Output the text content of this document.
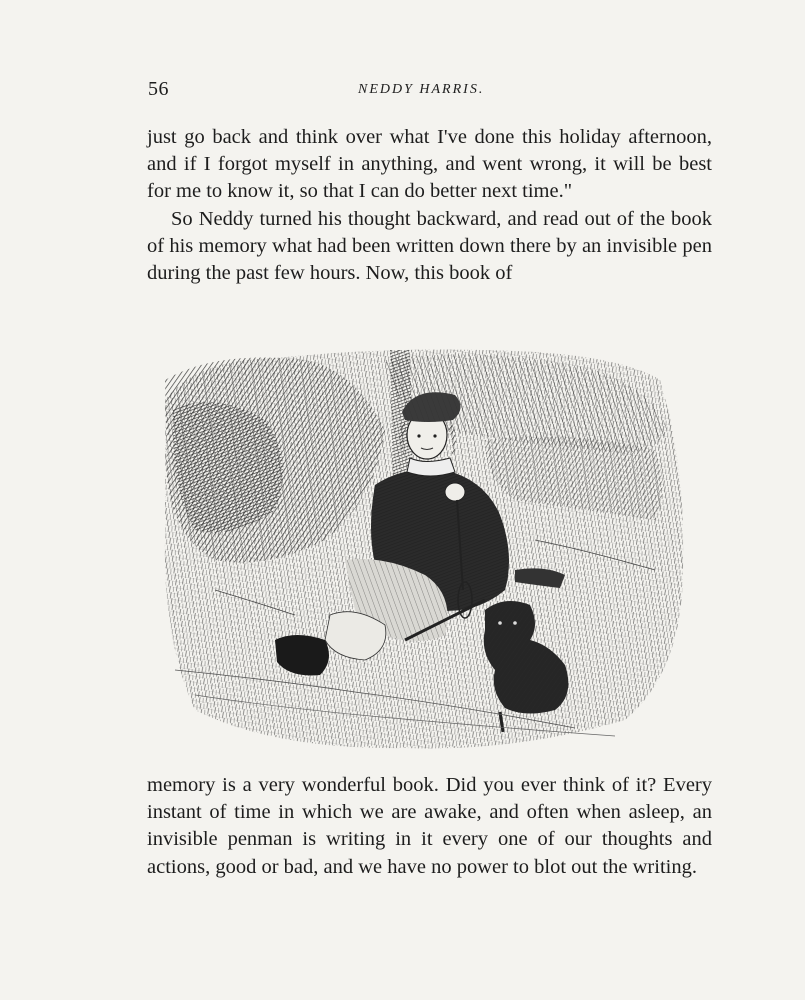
56	NEDDY HARRIS.

just go back and think over what I've done this holiday afternoon, and if I forgot myself in anything, and went wrong, it will be best for me to know it, so that I can do better next time."

So Neddy turned his thought backward, and read out of the book of his memory what had been written down there by an invisible pen during the past few hours. Now, this book of

memory is a very wonderful book. Did you ever think of it? Every instant of time in which we are awake, and often when asleep, an invisible penman is writing in it every one of our thoughts and actions, good or bad, and we have no power to blot out the writing.
